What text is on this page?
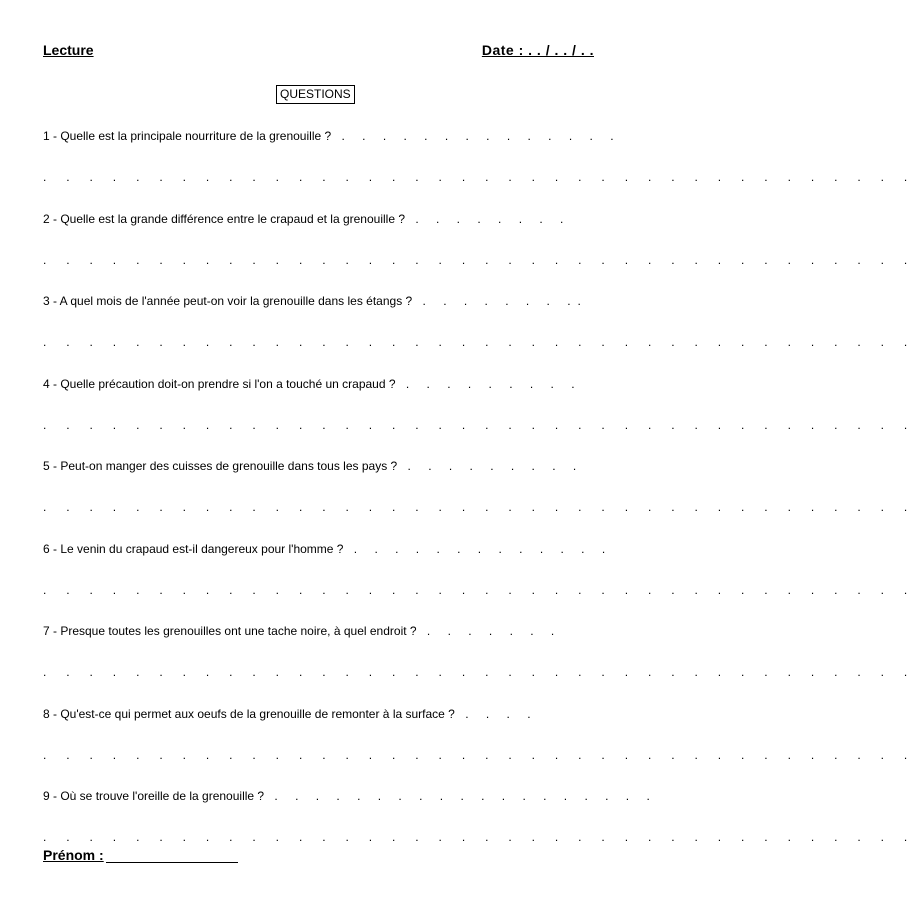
Lecture	Date : . . / . . / . .
QUESTIONS
1 - Quelle est la principale nourriture de la grenouille ? . . . . . . . . . . . . . .
. . . . . . . . . . . . . . . . . . . . . . . . . . . . . . . . . . . . . .
2 - Quelle est la grande différence entre le crapaud et la grenouille ? . . . . . . . .
. . . . . . . . . . . . . . . . . . . . . . . . . . . . . . . . . . . . . .
3 - A quel mois de l'année peut-on voir la grenouille dans les étangs ? . . . . . . . ..
. . . . . . . . . . . . . . . . . . . . . . . . . . . . . . . . . . . . . .
4 - Quelle précaution doit-on prendre si l'on a touché un crapaud ? . . . . . . . . .
. . . . . . . . . . . . . . . . . . . . . . . . . . . . . . . . . . . . . .
5 - Peut-on manger des cuisses de grenouille dans tous les pays ? . . . . . . . . .
. . . . . . . . . . . . . . . . . . . . . . . . . . . . . . . . . . . . . .
6 - Le venin du crapaud est-il dangereux pour l'homme ? . . . . . . . . . . . . .
. . . . . . . . . . . . . . . . . . . . . . . . . . . . . . . . . . . . . .
7 - Presque toutes les grenouilles ont une tache noire, à quel endroit ? . . . . . . .
. . . . . . . . . . . . . . . . . . . . . . . . . . . . . . . . . . . . . .
8 - Qu'est-ce qui permet aux oeufs de la grenouille de remonter à la surface ? . . . .
. . . . . . . . . . . . . . . . . . . . . . . . . . . . . . . . . . . . . .
9 - Où se trouve l'oreille de la grenouille ? . . . . . . . . . . . . . . . . . . .
. . . . . . . . . . . . . . . . . . . . . . . . . . . . . . . . . . . . . .
Prénom :
